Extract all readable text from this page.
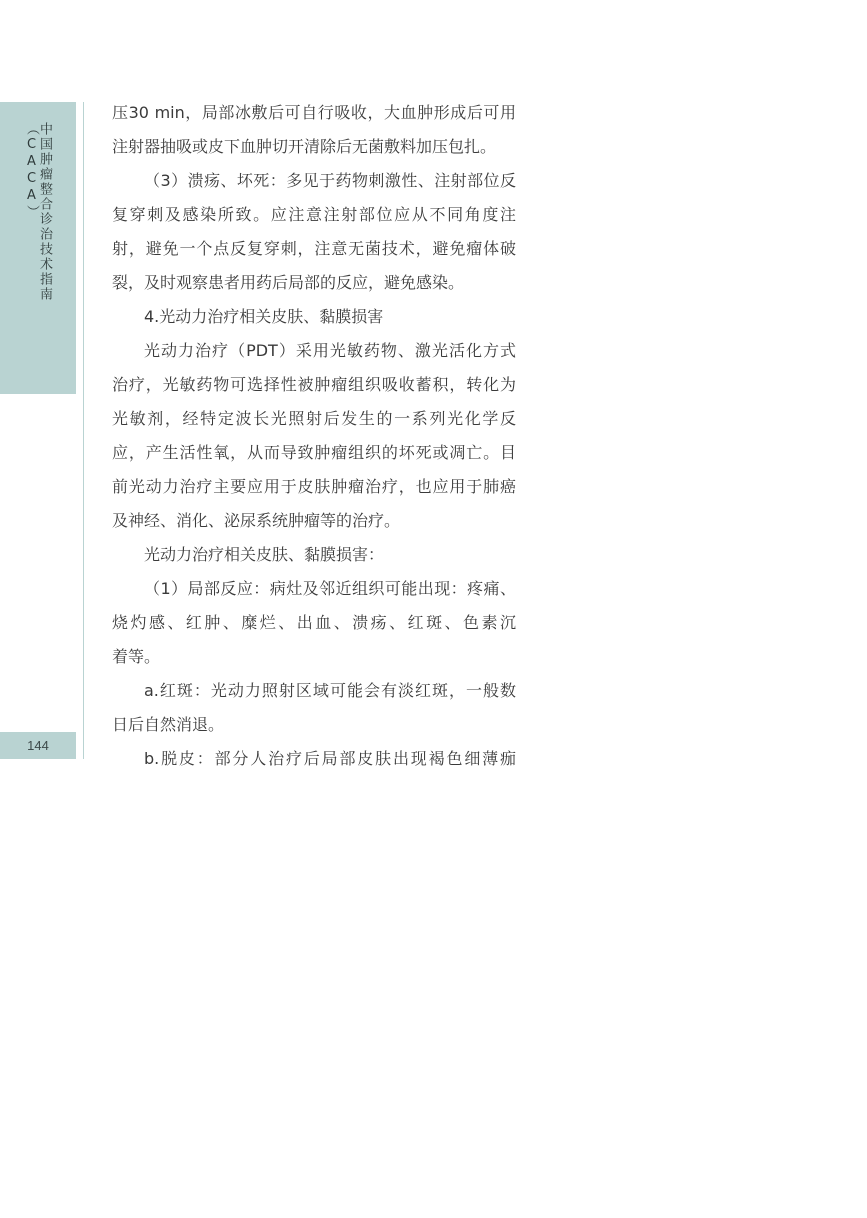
中国肿瘤整合诊治技术指南（CACA）
144
压30 min，局部冰敷后可自行吸收，大血肿形成后可用
注射器抽吸或皮下血肿切开清除后无菌敷料加压包扎。
（3）溃疡、坏死：多见于药物刺激性、注射部位反
复穿刺及感染所致。应注意注射部位应从不同角度注
射，避免一个点反复穿刺，注意无菌技术，避免瘤体破
裂，及时观察患者用药后局部的反应，避免感染。
4.光动力治疗相关皮肤、黏膜损害
光动力治疗（PDT）采用光敏药物、激光活化方式
治疗，光敏药物可选择性被肿瘤组织吸收蓄积，转化为
光敏剂，经特定波长光照射后发生的一系列光化学反
应，产生活性氧，从而导致肿瘤组织的坏死或凋亡。目
前光动力治疗主要应用于皮肤肿瘤治疗，也应用于肺癌
及神经、消化、泌尿系统肿瘤等的治疗。
光动力治疗相关皮肤、黏膜损害：
（1）局部反应：病灶及邻近组织可能出现：疼痛、
烧灼感、红肿、糜烂、出血、溃疡、红斑、色素沉
着等。
a.红斑：光动力照射区域可能会有淡红斑，一般数
日后自然消退。
b.脱皮：部分人治疗后局部皮肤出现褐色细薄痂
